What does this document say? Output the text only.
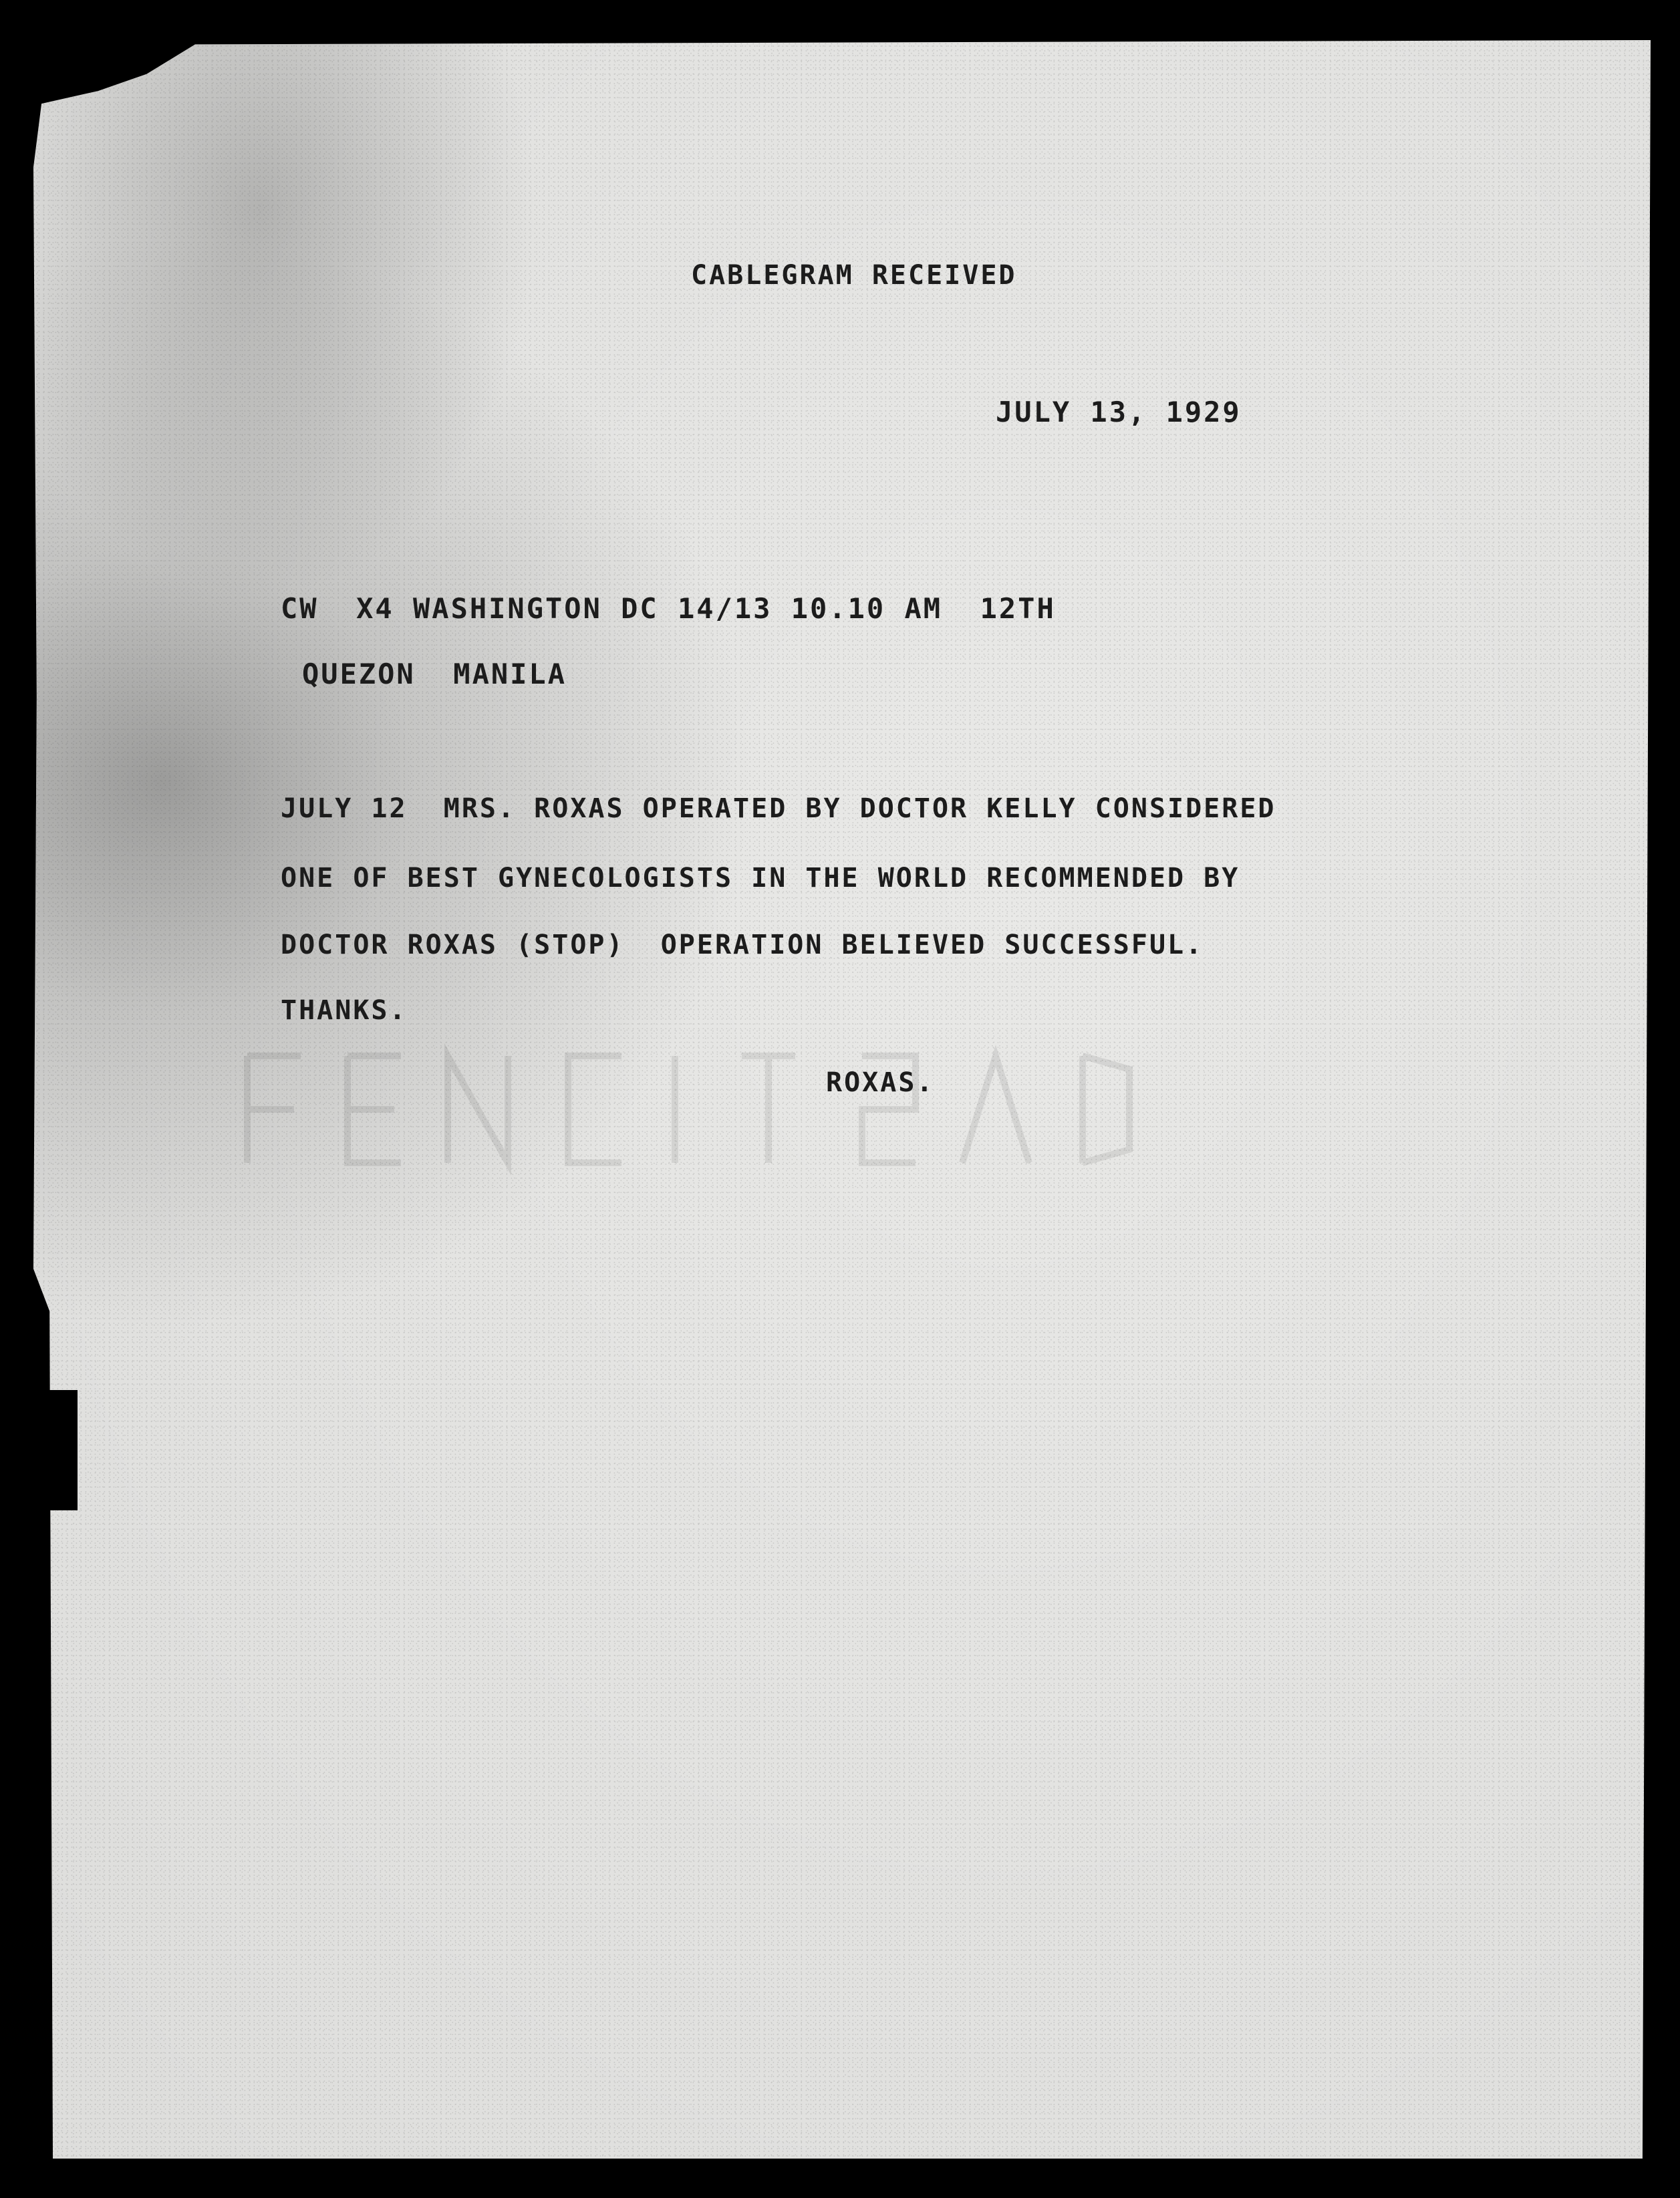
CABLEGRAM RECEIVED

JULY 13, 1929

CW  X4 WASHINGTON DC 14/13 10.10 AM  12TH

QUEZON  MANILA

JULY 12  MRS. ROXAS OPERATED BY DOCTOR KELLY CONSIDERED

ONE OF BEST GYNECOLOGISTS IN THE WORLD RECOMMENDED BY

DOCTOR ROXAS (STOP)  OPERATION BELIEVED SUCCESSFUL.

THANKS.

ROXAS.
